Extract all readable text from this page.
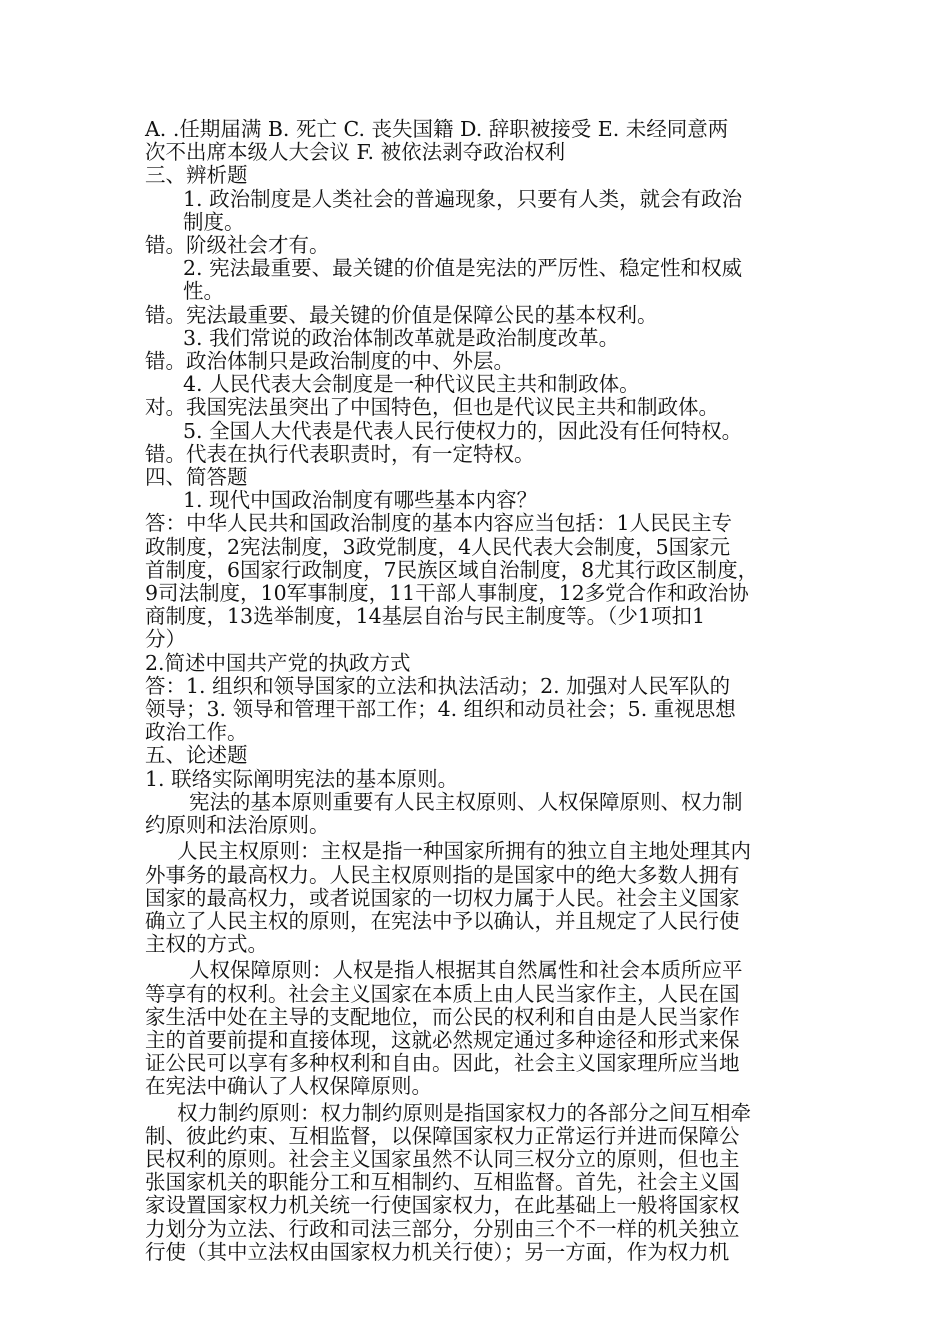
A. .任期届满 B. 死亡 C. 丧失国籍 D. 辞职被接受 E. 未经同意两

次不出席本级人大会议 F. 被依法剥夺政治权利

三、辨析题

1. 政治制度是人类社会的普遍现象，只要有人类，就会有政治

制度。

错。阶级社会才有。

2. 宪法最重要、最关键的价值是宪法的严厉性、稳定性和权威

性。

错。宪法最重要、最关键的价值是保障公民的基本权利。

3. 我们常说的政治体制改革就是政治制度改革。

错。政治体制只是政治制度的中、外层。

4. 人民代表大会制度是一种代议民主共和制政体。

对。我国宪法虽突出了中国特色，但也是代议民主共和制政体。

5. 全国人大代表是代表人民行使权力的，因此没有任何特权。

错。代表在执行代表职责时，有一定特权。

四、简答题

1. 现代中国政治制度有哪些基本内容？

答：中华人民共和国政治制度的基本内容应当包括：1人民民主专

政制度，2宪法制度，3政党制度，4人民代表大会制度，5国家元

首制度，6国家行政制度，7民族区域自治制度，8尤其行政区制度，

9司法制度，10军事制度，11干部人事制度，12多党合作和政治协

商制度，13选举制度，14基层自治与民主制度等。（少1项扣1

分）

2.简述中国共产党的执政方式

答：1. 组织和领导国家的立法和执法活动；2. 加强对人民军队的

领导；3. 领导和管理干部工作；4. 组织和动员社会；5. 重视思想

政治工作。

五、论述题

1. 联络实际阐明宪法的基本原则。

宪法的基本原则重要有人民主权原则、人权保障原则、权力制

约原则和法治原则。

人民主权原则：主权是指一种国家所拥有的独立自主地处理其内

外事务的最高权力。人民主权原则指的是国家中的绝大多数人拥有

国家的最高权力，或者说国家的一切权力属于人民。社会主义国家

确立了人民主权的原则，在宪法中予以确认，并且规定了人民行使

主权的方式。

人权保障原则：人权是指人根据其自然属性和社会本质所应平

等享有的权利。社会主义国家在本质上由人民当家作主，人民在国

家生活中处在主导的支配地位，而公民的权利和自由是人民当家作

主的首要前提和直接体现，这就必然规定通过多种途径和形式来保

证公民可以享有多种权利和自由。因此，社会主义国家理所应当地

在宪法中确认了人权保障原则。

权力制约原则：权力制约原则是指国家权力的各部分之间互相牵

制、彼此约束、互相监督，以保障国家权力正常运行并进而保障公

民权利的原则。社会主义国家虽然不认同三权分立的原则，但也主

张国家机关的职能分工和互相制约、互相监督。首先，社会主义国

家设置国家权力机关统一行使国家权力，在此基础上一般将国家权

力划分为立法、行政和司法三部分，分别由三个不一样的机关独立

行使（其中立法权由国家权力机关行使）；另一方面，作为权力机
